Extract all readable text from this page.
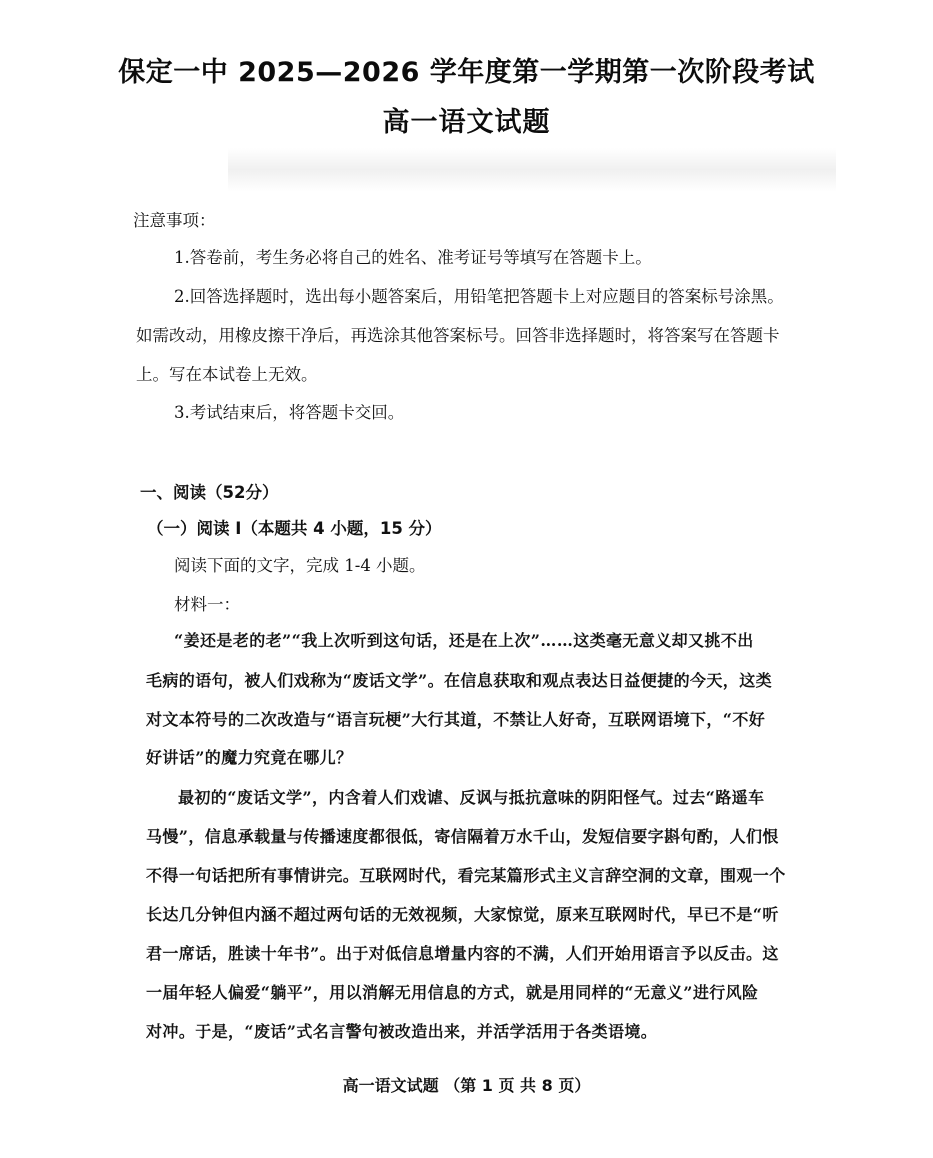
保定一中 2025—2026 学年度第一学期第一次阶段考试
高一语文试题
注意事项：
1.答卷前，考生务必将自己的姓名、准考证号等填写在答题卡上。
2.回答选择题时，选出每小题答案后，用铅笔把答题卡上对应题目的答案标号涂黑。
如需改动，用橡皮擦干净后，再选涂其他答案标号。回答非选择题时，将答案写在答题卡
上。写在本试卷上无效。
3.考试结束后，将答题卡交回。
一、阅读（52分）
（一）阅读 I（本题共 4 小题，15 分）
阅读下面的文字，完成 1-4 小题。
材料一：
“姜还是老的老”“我上次听到这句话，还是在上次”……这类毫无意义却又挑不出
毛病的语句，被人们戏称为“废话文学”。在信息获取和观点表达日益便捷的今天，这类
对文本符号的二次改造与“语言玩梗”大行其道，不禁让人好奇，互联网语境下，“不好
好讲话”的魔力究竟在哪儿？
最初的“废话文学”，内含着人们戏谑、反讽与抵抗意味的阴阳怪气。过去“路遥车
马慢”，信息承载量与传播速度都很低，寄信隔着万水千山，发短信要字斟句酌，人们恨
不得一句话把所有事情讲完。互联网时代，看完某篇形式主义言辞空洞的文章，围观一个
长达几分钟但内涵不超过两句话的无效视频，大家惊觉，原来互联网时代，早已不是“听
君一席话，胜读十年书”。出于对低信息增量内容的不满，人们开始用语言予以反击。这
一届年轻人偏爱“躺平”，用以消解无用信息的方式，就是用同样的“无意义”进行风险
对冲。于是，“废话”式名言警句被改造出来，并活学活用于各类语境。
高一语文试题 （第 1 页 共 8 页）
